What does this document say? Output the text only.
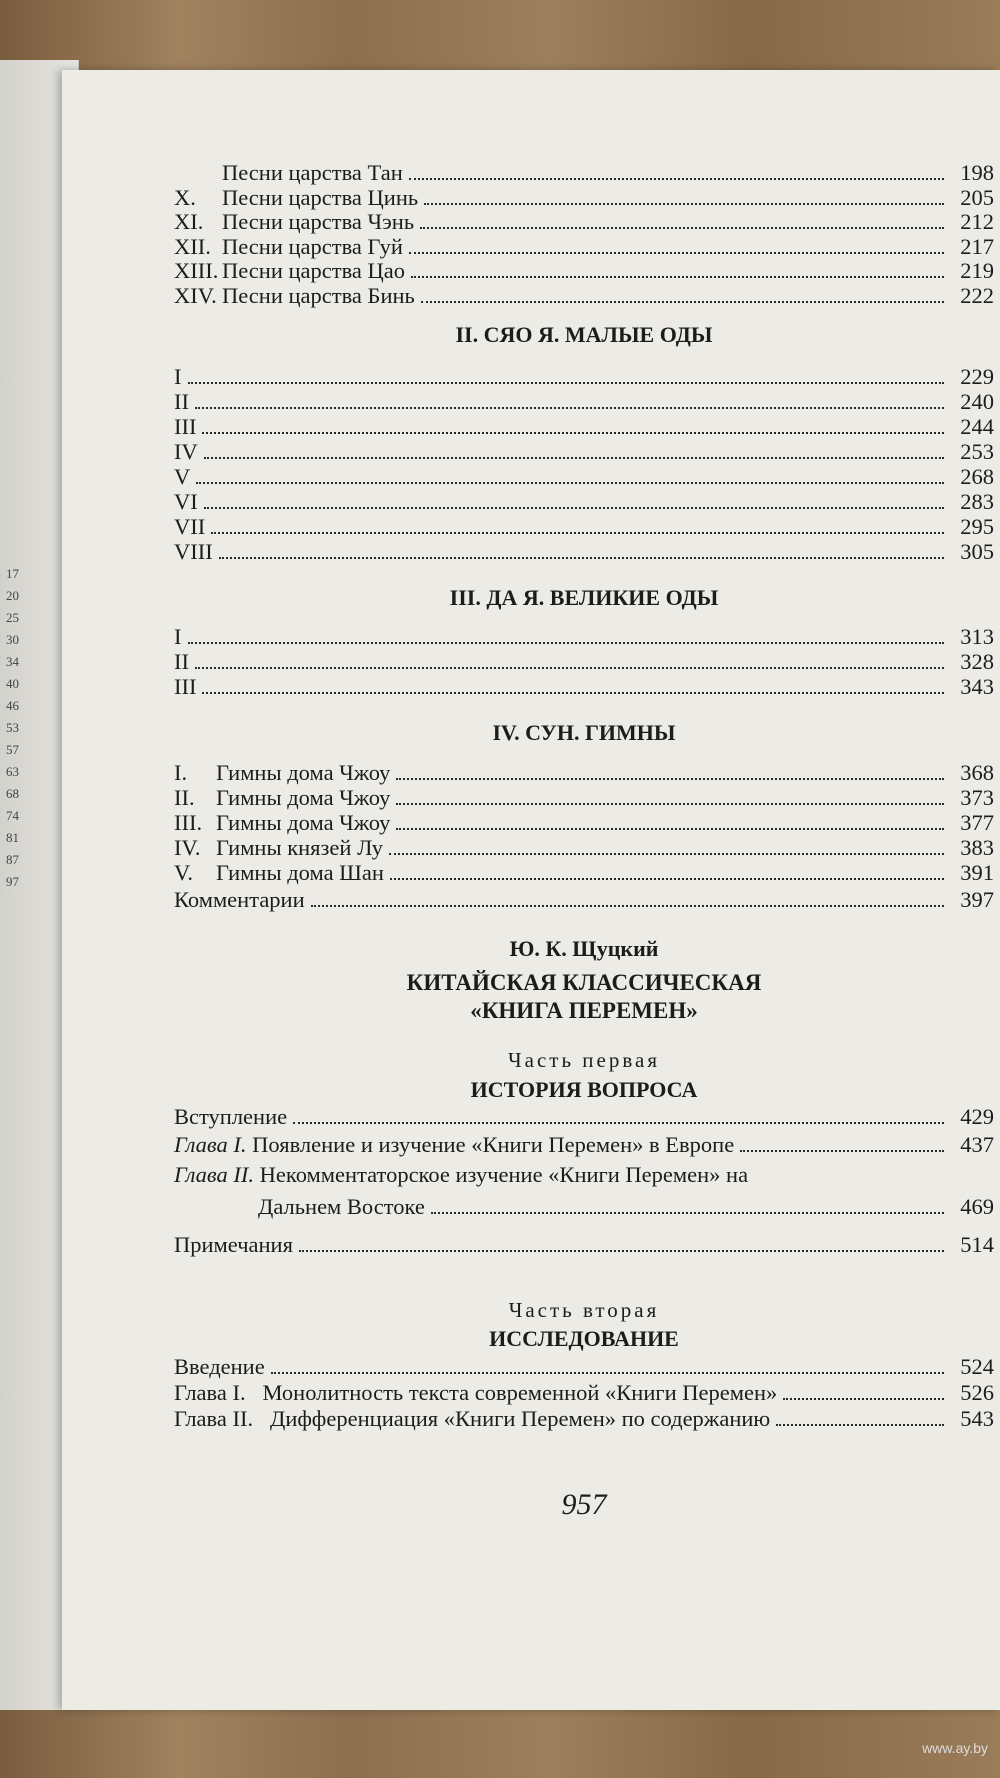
17
20
25
30
34
40
46
53
57
63
68
74
81
87
97
Песни царства Тан	198
X. Песни царства Цинь	205
XI. Песни царства Чэнь	212
XII. Песни царства Гуй	217
XIII. Песни царства Цао	219
XIV. Песни царства Бинь	222
II. СЯО Я. МАЛЫЕ ОДЫ
I	229
II	240
III	244
IV	253
V	268
VI	283
VII	295
VIII	305
III. ДА Я. ВЕЛИКИЕ ОДЫ
I	313
II	328
III	343
IV. СУН. ГИМНЫ
I. Гимны дома Чжоу	368
II. Гимны дома Чжоу	373
III. Гимны дома Чжоу	377
IV. Гимны князей Лу	383
V. Гимны дома Шан	391
Комментарии	397
Ю. К. Щуцкий
КИТАЙСКАЯ КЛАССИЧЕСКАЯ
«КНИГА ПЕРЕМЕН»
Часть первая
ИСТОРИЯ ВОПРОСА
Вступление	429
Глава I. Появление и изучение «Книги Перемен» в Европе	437
Глава II. Некомментаторское изучение «Книги Перемен» на
Дальнем Востоке	469
Примечания	514
Часть вторая
ИССЛЕДОВАНИЕ
Введение	524
Глава I. Монолитность текста современной «Книги Перемен»	526
Глава II. Дифференциация «Книги Перемен» по содержанию	543
957
www.ay.by
